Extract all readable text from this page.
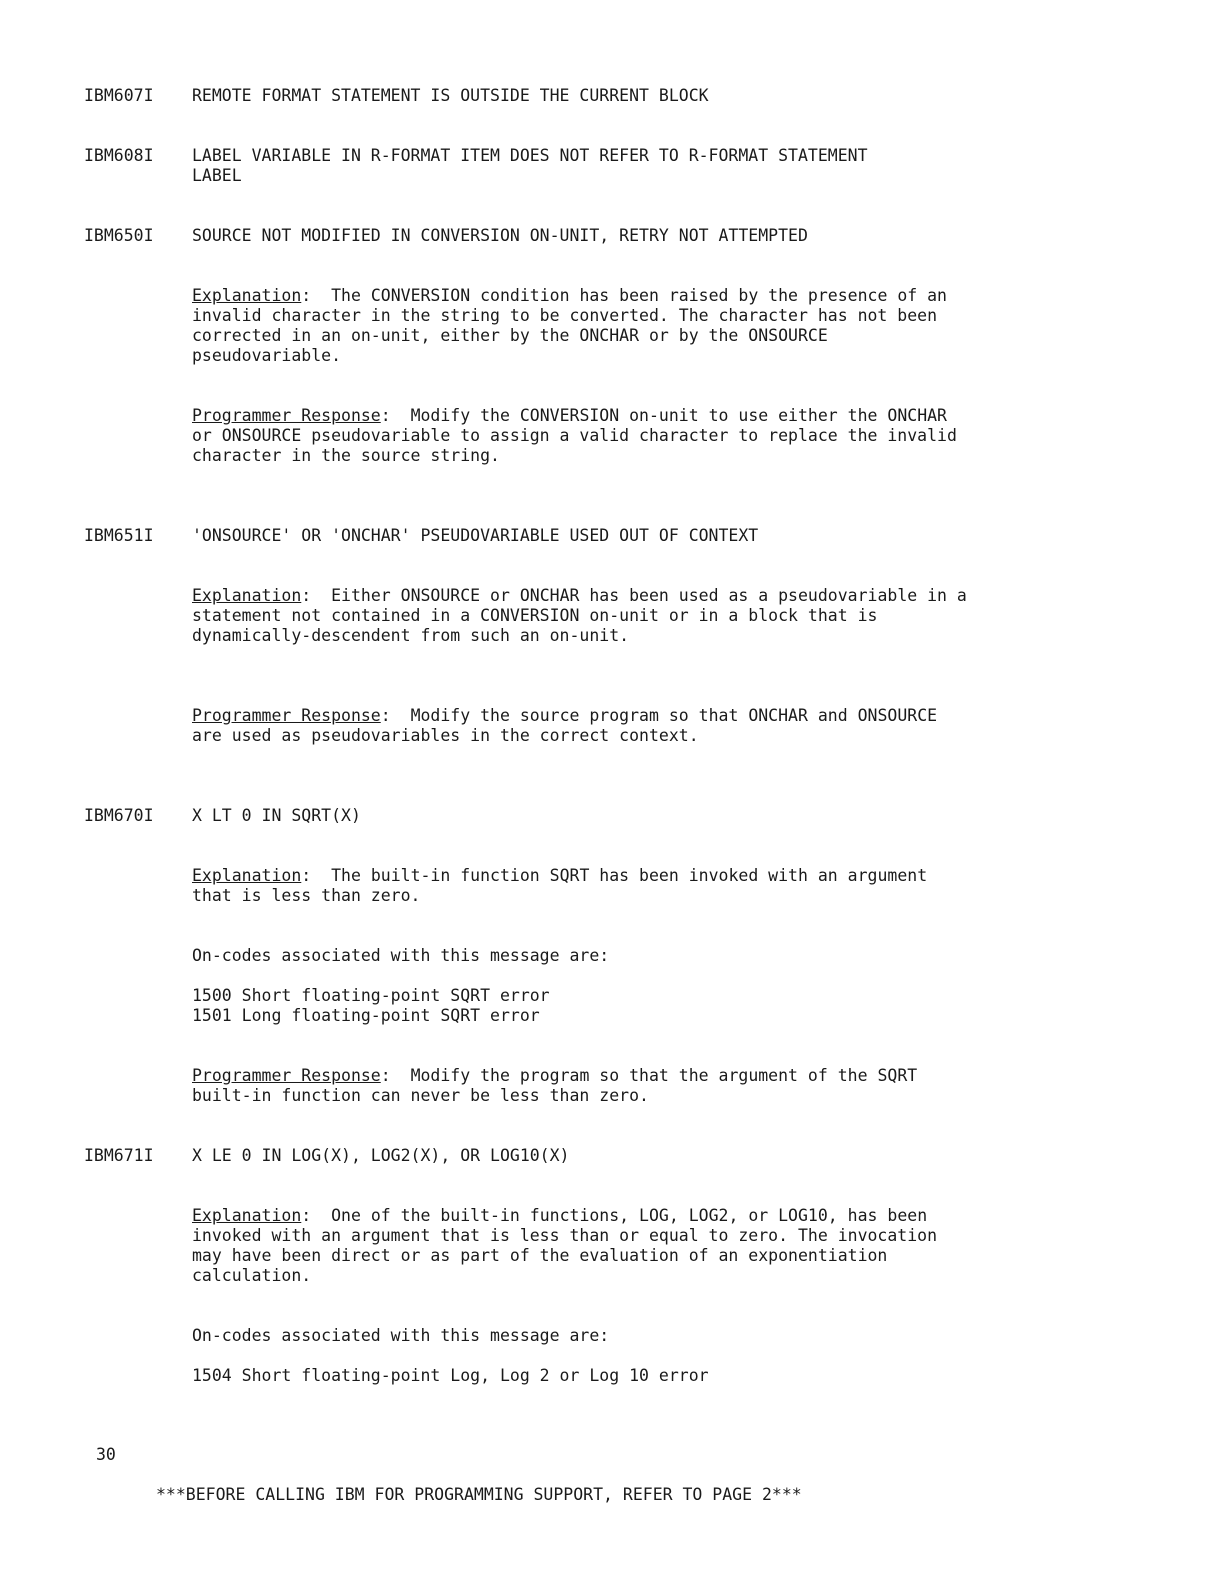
IBM607I	REMOTE FORMAT STATEMENT IS OUTSIDE THE CURRENT BLOCK
IBM608I	LABEL VARIABLE IN R-FORMAT ITEM DOES NOT REFER TO R-FORMAT STATEMENT LABEL
IBM650I	SOURCE NOT MODIFIED IN CONVERSION ON-UNIT, RETRY NOT ATTEMPTED

Explanation:  The CONVERSION condition has been raised by the presence of an invalid character in the string to be converted. The character has not been corrected in an on-unit, either by the ONCHAR or by the ONSOURCE pseudovariable.

Programmer Response:  Modify the CONVERSION on-unit to use either the ONCHAR or ONSOURCE pseudovariable to assign a valid character to replace the invalid character in the source string.

IBM651I	'ONSOURCE' OR 'ONCHAR' PSEUDOVARIABLE USED OUT OF CONTEXT

Explanation:  Either ONSOURCE or ONCHAR has been used as a pseudovariable in a statement not contained in a CONVERSION on-unit or in a block that is dynamically-descendent from such an on-unit.

Programmer Response:  Modify the source program so that ONCHAR and ONSOURCE are used as pseudovariables in the correct context.

IBM670I	X LT 0 IN SQRT(X)

Explanation:  The built-in function SQRT has been invoked with an argument that is less than zero.

On-codes associated with this message are:

1500 Short floating-point SQRT error

1501 Long floating-point SQRT error

Programmer Response:  Modify the program so that the argument of the SQRT built-in function can never be less than zero.

IBM671I	X LE 0 IN LOG(X), LOG2(X), OR LOG10(X)

Explanation:  One of the built-in functions, LOG, LOG2, or LOG10, has been invoked with an argument that is less than or equal to zero. The invocation may have been direct or as part of the evaluation of an exponentiation calculation.

On-codes associated with this message are:

1504 Short floating-point Log, Log 2 or Log 10 error

30
***BEFORE CALLING IBM FOR PROGRAMMING SUPPORT, REFER TO PAGE 2***
